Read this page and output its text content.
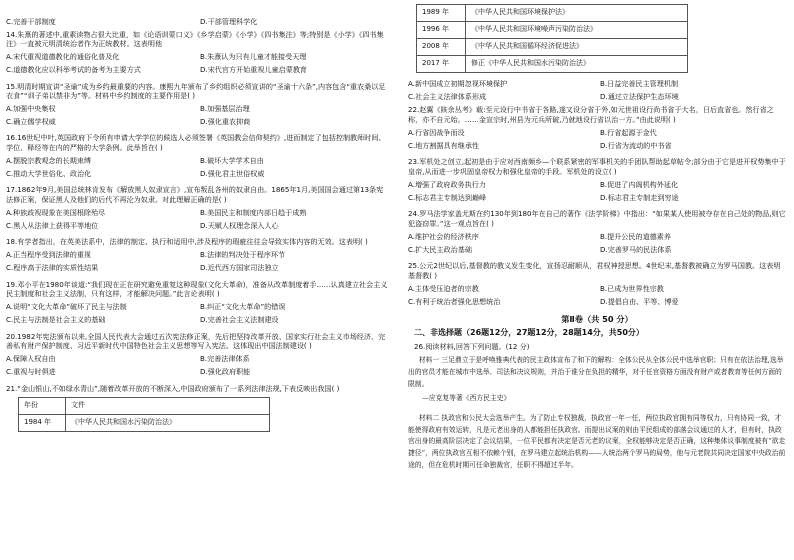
C.完善干部制度	D.干部管理科学化

14.朱熹的著述中,重素读物占很大比重，如《论语训蒙口义》《乡学启蒙》《小学》《四书集注》等;特别是《小学》《四书集注》一直被元明清统治者作为正统教材。这表明他

A.宋代重视道德教化的通俗化普及化	B.朱熹认为只有儿童才能接受天理
C.道德教化应以科举考试的备考为主要方式	D.宋代官方开始重视儿童启蒙教育

15.明清时期宣讲“圣谕”成为乡约最重要的内容。康熙九年颁布了乡约组织必须宣讲的“圣谕十六条”,内容包含“重农桑以足衣食”“训子弟以禁非为”等。材料中乡约制度的主要作用是( )

A.加强中央集权	B.加强基层治理
C.确立儒学权威	D.强化重农抑商

16.16世纪中叶,英国政府下令所有申请大学学位的候选人必须签署《英国教会信仰契约》,进而制定了包括控制教师时间、学位、释经等在内的严格的大学条例。此举旨在( )

A.摆脱宗教观念的长期束缚	B.破坏大学学术自由
C.推动大学世俗化、政治化	D.强化君主世俗权威

17.1862年9月,美国总统林肯发布《解放黑人奴隶宣言》,宣布叛乱各州的奴隶自由。1865年1月,美国国会通过第13条宪法修正案，保证黑人及他们的后代不再沦为奴隶。对此理解正确的是( )

A.种族歧视现象在美国根除殆尽	B.美国民主和制度内部日趋于成熟
C.黑人从法律上获得平等地位	D.天赋人权理念深入人心

18.有学者指出，在英美法系中，法律的制定、执行和适用中,涉及程序的瑕疵往往会导致实体内容的无效。这表明( )

A.正当程序受到法律的重视	B.法律的判决处于程序环节
C.程序高于法律的实质性结果	D.近代西方国家司法独立

19.邓小平在1980年谈道:“我们现在正在研究避免重复这种现象(文化大革命)，准备从改革制度着手……认真建立社会主义民主制度和社会主义法制，只有这样，才能解决问题。”此言论表明( )

A.说明“文化大革命”破坏了民主与法制	B.纠正“文化大革命”的错误
C.民主与法制是社会主义的基础	D.完善社会主义法制建设

20.1982年宪法颁布以来,全国人民代表大会通过五次宪法修正案，先后把坚持改革开放、国家实行社会主义市场经济、完善私有财产保护制度、习近平新时代中国特色社会主义思想等写入宪法。这体现出中国法制建设( )

A.保障人权自由	B.完善法律体系
C.重视与时俱进	D.强化政府职能

21.“金山银山,不如绿水青山”,随着改革开放的不断深入,中国政府颁布了一系列法律法规,下表反映出我国( )

年份	文件
1984 年	《中华人民共和国水污染防治法》
1989 年	《中华人民共和国环境保护法》
1996 年	《中华人民共和国环境噪声污染防治法》
2008 年	《中华人民共和国循环经济促进法》
2017 年	修正《中华人民共和国水污染防治法》
A.新中国成立初期忽视环境保护	B.日益完善民主管理机制
C.社会主义法律体系形成	D.通过立法保护生态环境

22.赵翼《陔余丛考》载:至元设行中书省于各路,遂又设分省于外,如元世祖设行尚书省于大名，日后直省也。然行省之称，亦不自元始。……金宣宗时,州县为元兵所破,乃就地设行省以治一方。”由此说明( )

A.行省因战争而设	B.行省起源于金代
C.地方割据具有继承性	D.行省为流动的中书省

23.军机处之创立,起初是由于应对西南频乡—个联系紧密的军事机关的手团队帮助起草帖令;部分由于它是进开权势集中于皇帝,从而进一步巩固皇帝权力和强化皇帝的手段。军机处的设立( )

A.增强了政府政务执行力	B.促进了内阁机构外延化
C.标志君主专制达到巅峰	D.标志君主专制走到穷途

24.罗马法学家盖尤斯在约130年到180年在自己的著作《法学阶梯》中指出：“如果某人使用被夺存在自己处的物品,则它犯盗窃罪。”这一观点旨在( )

A.维护社会的经济秩序	B.提升公民的道德素养
C.扩大民主政治基础	D.完善罗马的民法体系

25.公元2世纪以后,基督教的教义发生变化，宣扬忍耐顺从，君权神授思想。4世纪末,基督教被确立为罗马国教。这表明基督教( )

A.主体受压迫者的宗教	B.已成为世界性宗教
C.有利于统治者强化思想统治	D.提倡自由、平等、博爱
第Ⅱ卷（共 50 分）
二、非选择题（26题12分，27题12分，28题14分，共50分）

26.阅读材料,回答下列问题。(12 分)

材料一 三足鼎立于是呼唤雅典代表的民主政体宣布了和下的解构：全体公民从全体公民中选举官职；只有在依法治理,选举出的官员才能在城市中选举、司法和决议规则，并治于谁分在负担的精华，对于任官资格方面没有财产或者教育等任何方面的限制。

—应克复等著《西方民主史》

材料二 执政官和公民大会选举产生。为了防止专权独裁，执政官一年一任，两位执政官拥有同等权力，只有协同一致，才能使得政府有效运转，凡是元老出身的人都能担任执政官。而提出议案的则由平民组成的部落会议通过的人才，但有时，执政官出身的最高阶层决定了会议结果，一位平民都有决定是否元老的议案，全权能够决定是否正确，这种集体议事制度被有“欲走捷径”，两位执政官互相不依赖个别，在罗马建立起统治机构——人统治两个罗马的局势，他与元老院共同决定国家中央政治前途的，但在危机时期可任命独裁官，任职不得超过半年。
